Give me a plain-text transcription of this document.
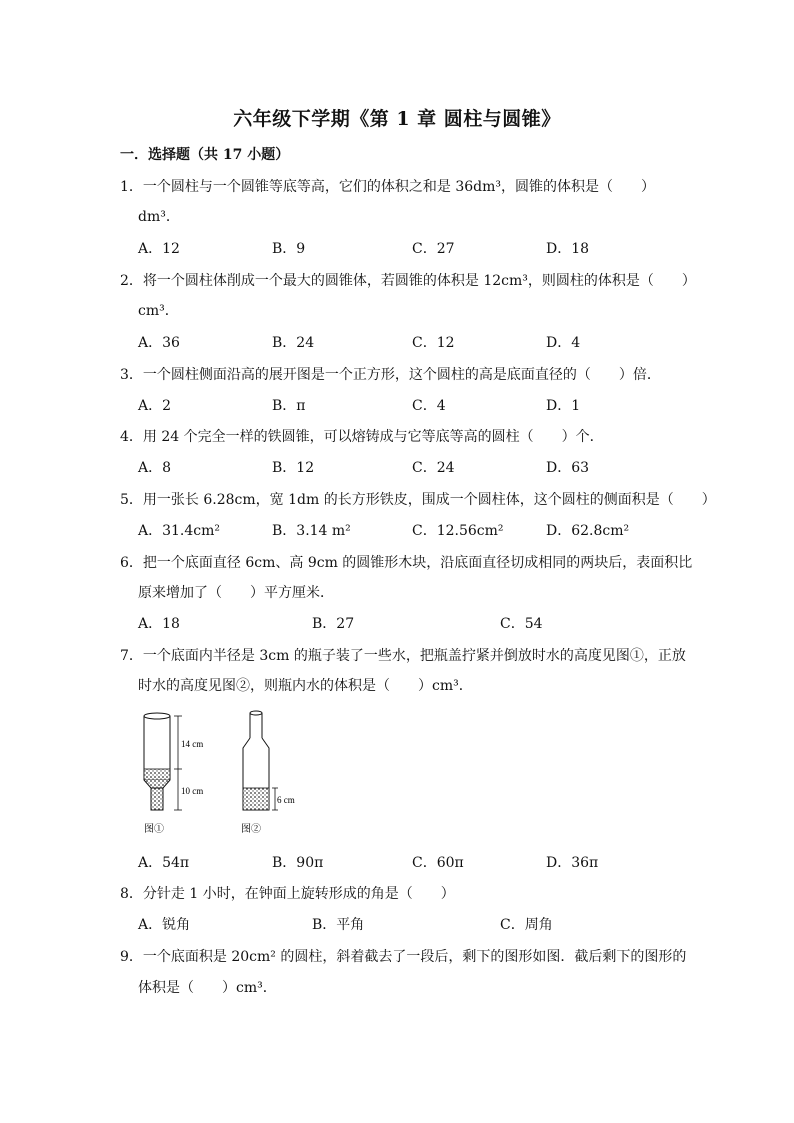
六年级下学期《第 1 章 圆柱与圆锥》
一．选择题（共 17 小题）
1．一个圆柱与一个圆锥等底等高，它们的体积之和是 36dm³，圆锥的体积是（　　）
dm³．
A．12	B．9	C．27	D．18
2．将一个圆柱体削成一个最大的圆锥体，若圆锥的体积是 12cm³，则圆柱的体积是（　　）
cm³．
A．36	B．24	C．12	D．4
3．一个圆柱侧面沿高的展开图是一个正方形，这个圆柱的高是底面直径的（　　）倍．
A．2	B．π	C．4	D．1
4．用 24 个完全一样的铁圆锥，可以熔铸成与它等底等高的圆柱（　　）个．
A．8	B．12	C．24	D．63
5．用一张长 6.28cm，宽 1dm 的长方形铁皮，围成一个圆柱体，这个圆柱的侧面积是（　　）
A．31.4cm²	B．3.14 m²	C．12.56cm²	D．62.8cm²
6．把一个底面直径 6cm、高 9cm 的圆锥形木块，沿底面直径切成相同的两块后，表面积比
原来增加了（　　）平方厘米．
A．18	B．27	C．54
7．一个底面内半径是 3cm 的瓶子装了一些水，把瓶盖拧紧并倒放时水的高度见图①，正放
时水的高度见图②，则瓶内水的体积是（　　）cm³．
14 cm
10 cm
图①
6 cm
图②
A．54π	B．90π	C．60π	D．36π
8．分针走 1 小时，在钟面上旋转形成的角是（　　）
A．锐角	B．平角	C．周角
9．一个底面积是 20cm² 的圆柱，斜着截去了一段后，剩下的图形如图．截后剩下的图形的
体积是（　　）cm³．
